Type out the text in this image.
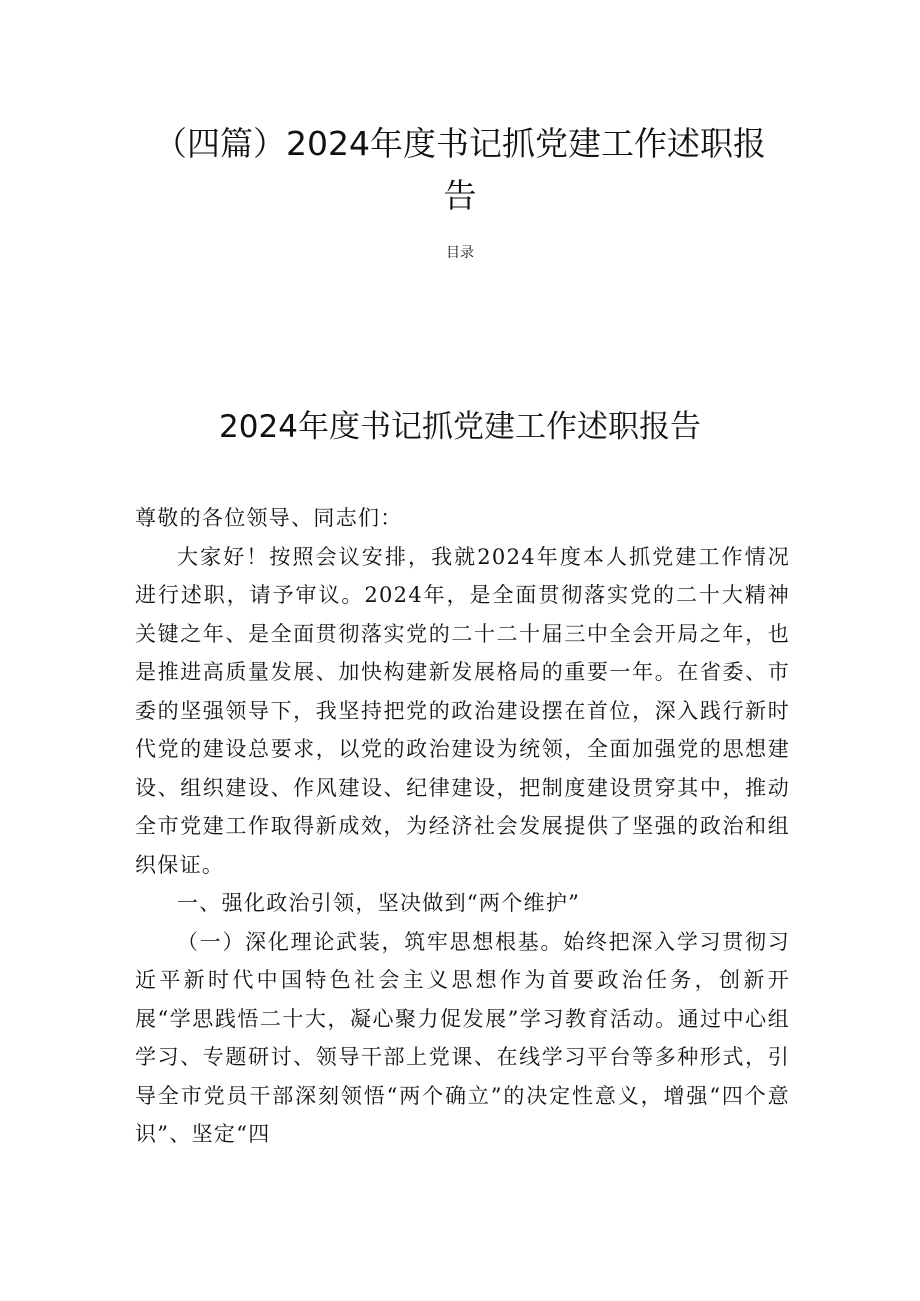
（四篇）2024年度书记抓党建工作述职报告

目录

2024年度书记抓党建工作述职报告

尊敬的各位领导、同志们：

大家好！按照会议安排，我就2024年度本人抓党建工作情况进行述职，请予审议。2024年，是全面贯彻落实党的二十大精神关键之年、是全面贯彻落实党的二十二十届三中全会开局之年，也是推进高质量发展、加快构建新发展格局的重要一年。在省委、市委的坚强领导下，我坚持把党的政治建设摆在首位，深入践行新时代党的建设总要求，以党的政治建设为统领，全面加强党的思想建设、组织建设、作风建设、纪律建设，把制度建设贯穿其中，推动全市党建工作取得新成效，为经济社会发展提供了坚强的政治和组织保证。

一、强化政治引领，坚决做到“两个维护”

（一）深化理论武装，筑牢思想根基。始终把深入学习贯彻习近平新时代中国特色社会主义思想作为首要政治任务，创新开展“学思践悟二十大，凝心聚力促发展”学习教育活动。通过中心组学习、专题研讨、领导干部上党课、在线学习平台等多种形式，引导全市党员干部深刻领悟“两个确立”的决定性意义，增强“四个意识”、坚定“四
